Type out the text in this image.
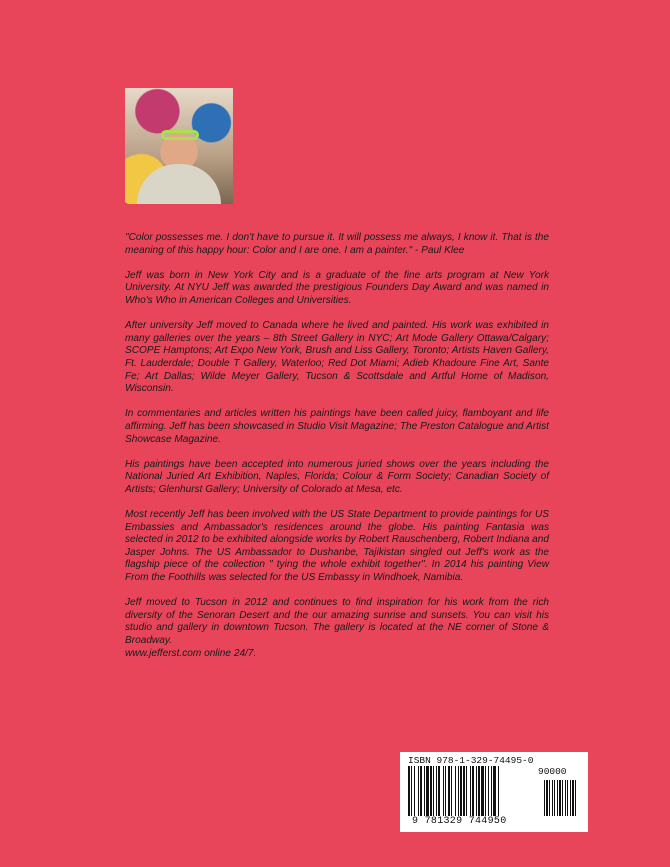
"Color possesses me. I don't have to pursue it. It will possess me always, I know it. That is the meaning of this happy hour: Color and I are one. I am a painter." - Paul Klee

Jeff was born in New York City and is a graduate of the fine arts program at New York University. At NYU Jeff was awarded the prestigious Founders Day Award and was named in Who's Who in American Colleges and Universities.

After university Jeff moved to Canada where he lived and painted. His work was exhibited in many galleries over the years – 8th Street Gallery in NYC; Art Mode Gallery Ottawa/Calgary; SCOPE Hamptons; Art Expo New York, Brush and Liss Gallery, Toronto; Artists Haven Gallery, Ft. Lauderdale; Double T Gallery, Waterloo; Red Dot Miami; Adieb Khadoure Fine Art, Sante Fe; Art Dallas; Wilde Meyer Gallery, Tucson & Scottsdale and Artful Home of Madison, Wisconsin.

In commentaries and articles written his paintings have been called juicy, flamboyant and life affirming. Jeff has been showcased in Studio Visit Magazine; The Preston Catalogue and Artist Showcase Magazine.

His paintings have been accepted into numerous juried shows over the years including the National Juried Art Exhibition, Naples, Florida; Colour & Form Society; Canadian Society of Artists; Glenhurst Gallery; University of Colorado at Mesa, etc.

Most recently Jeff has been involved with the US State Department to provide paintings for US Embassies and Ambassador's residences around the globe. His painting Fantasia was selected in 2012 to be exhibited alongside works by Robert Rauschenberg, Robert Indiana and Jasper Johns. The US Ambassador to Dushanbe, Tajikistan singled out Jeff's work as the flagship piece of the collection " tying the whole exhibit together". In 2014 his painting View From the Foothills was selected for the US Embassy in Windhoek, Namibia.

Jeff moved to Tucson in 2012 and continues to find inspiration for his work from the rich diversity of the Senoran Desert and the our amazing sunrise and sunsets. You can visit his studio and gallery in downtown Tucson. The gallery is located at the NE corner of Stone & Broadway.

www.jefferst.com online 24/7.

ISBN 978-1-329-74495-0
9 781329 744950
90000
